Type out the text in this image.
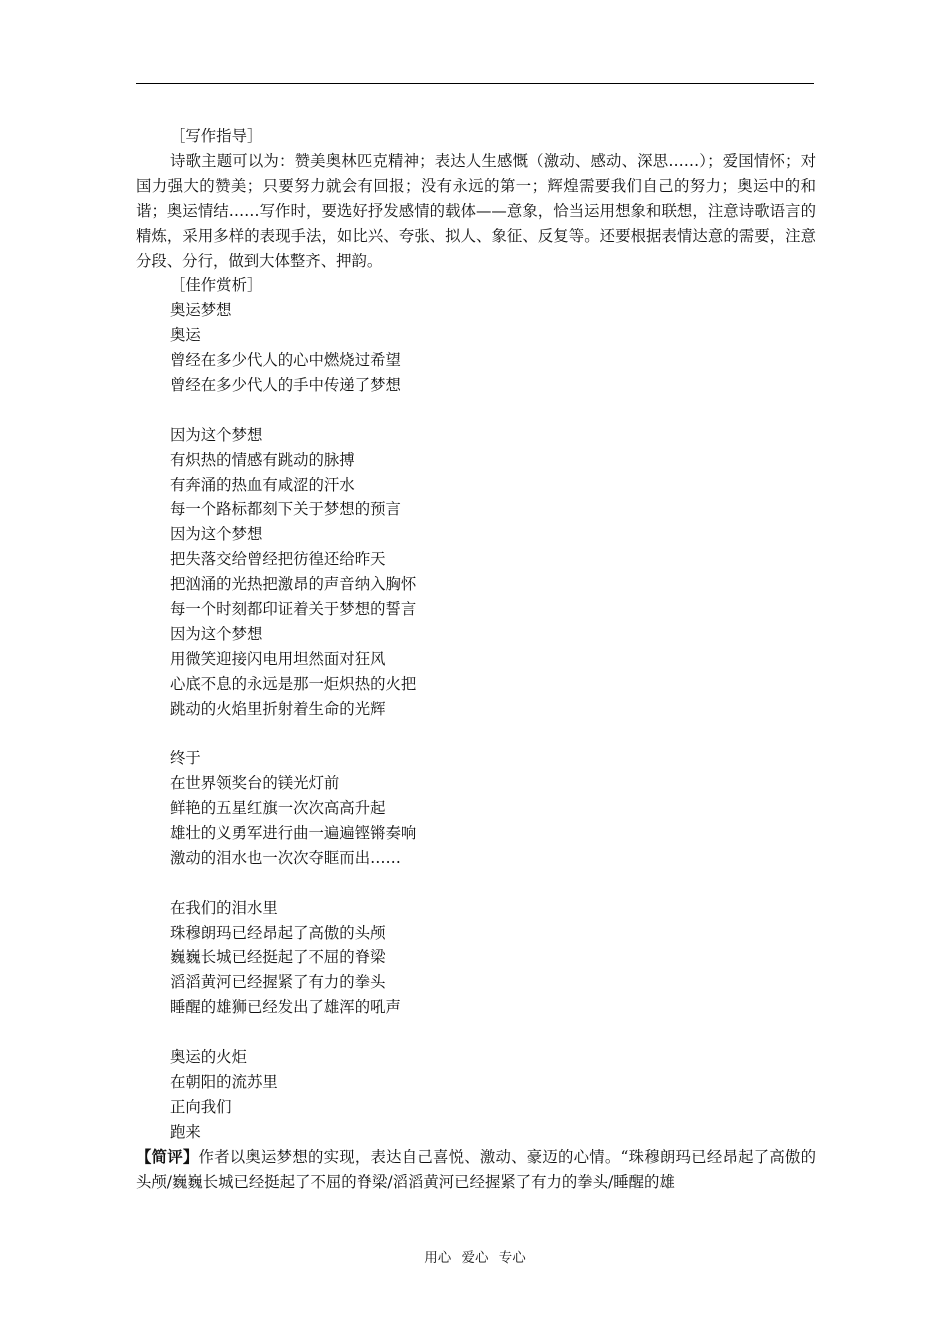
［写作指导］
诗歌主题可以为：赞美奥林匹克精神；表达人生感慨（激动、感动、深思……）；爱国情怀；对国力强大的赞美；只要努力就会有回报；没有永远的第一；辉煌需要我们自己的努力；奥运中的和谐；奥运情结……写作时，要选好抒发感情的载体——意象，恰当运用想象和联想，注意诗歌语言的精炼，采用多样的表现手法，如比兴、夸张、拟人、象征、反复等。还要根据表情达意的需要，注意分段、分行，做到大体整齐、押韵。
［佳作赏析］
奥运梦想
奥运
曾经在多少代人的心中燃烧过希望
曾经在多少代人的手中传递了梦想
因为这个梦想
有炽热的情感有跳动的脉搏
有奔涌的热血有咸涩的汗水
每一个路标都刻下关于梦想的预言
因为这个梦想
把失落交给曾经把彷徨还给昨天
把汹涌的光热把激昂的声音纳入胸怀
每一个时刻都印证着关于梦想的誓言
因为这个梦想
用微笑迎接闪电用坦然面对狂风
心底不息的永远是那一炬炽热的火把
跳动的火焰里折射着生命的光辉
终于
在世界领奖台的镁光灯前
鲜艳的五星红旗一次次高高升起
雄壮的义勇军进行曲一遍遍铿锵奏响
激动的泪水也一次次夺眶而出……
在我们的泪水里
珠穆朗玛已经昂起了高傲的头颅
巍巍长城已经挺起了不屈的脊梁
滔滔黄河已经握紧了有力的拳头
睡醒的雄狮已经发出了雄浑的吼声
奥运的火炬
在朝阳的流苏里
正向我们
跑来
【简评】作者以奥运梦想的实现，表达自己喜悦、激动、豪迈的心情。“珠穆朗玛已经昂起了高傲的头颅/巍巍长城已经挺起了不屈的脊梁/滔滔黄河已经握紧了有力的拳头/睡醒的雄
用心 爱心 专心
